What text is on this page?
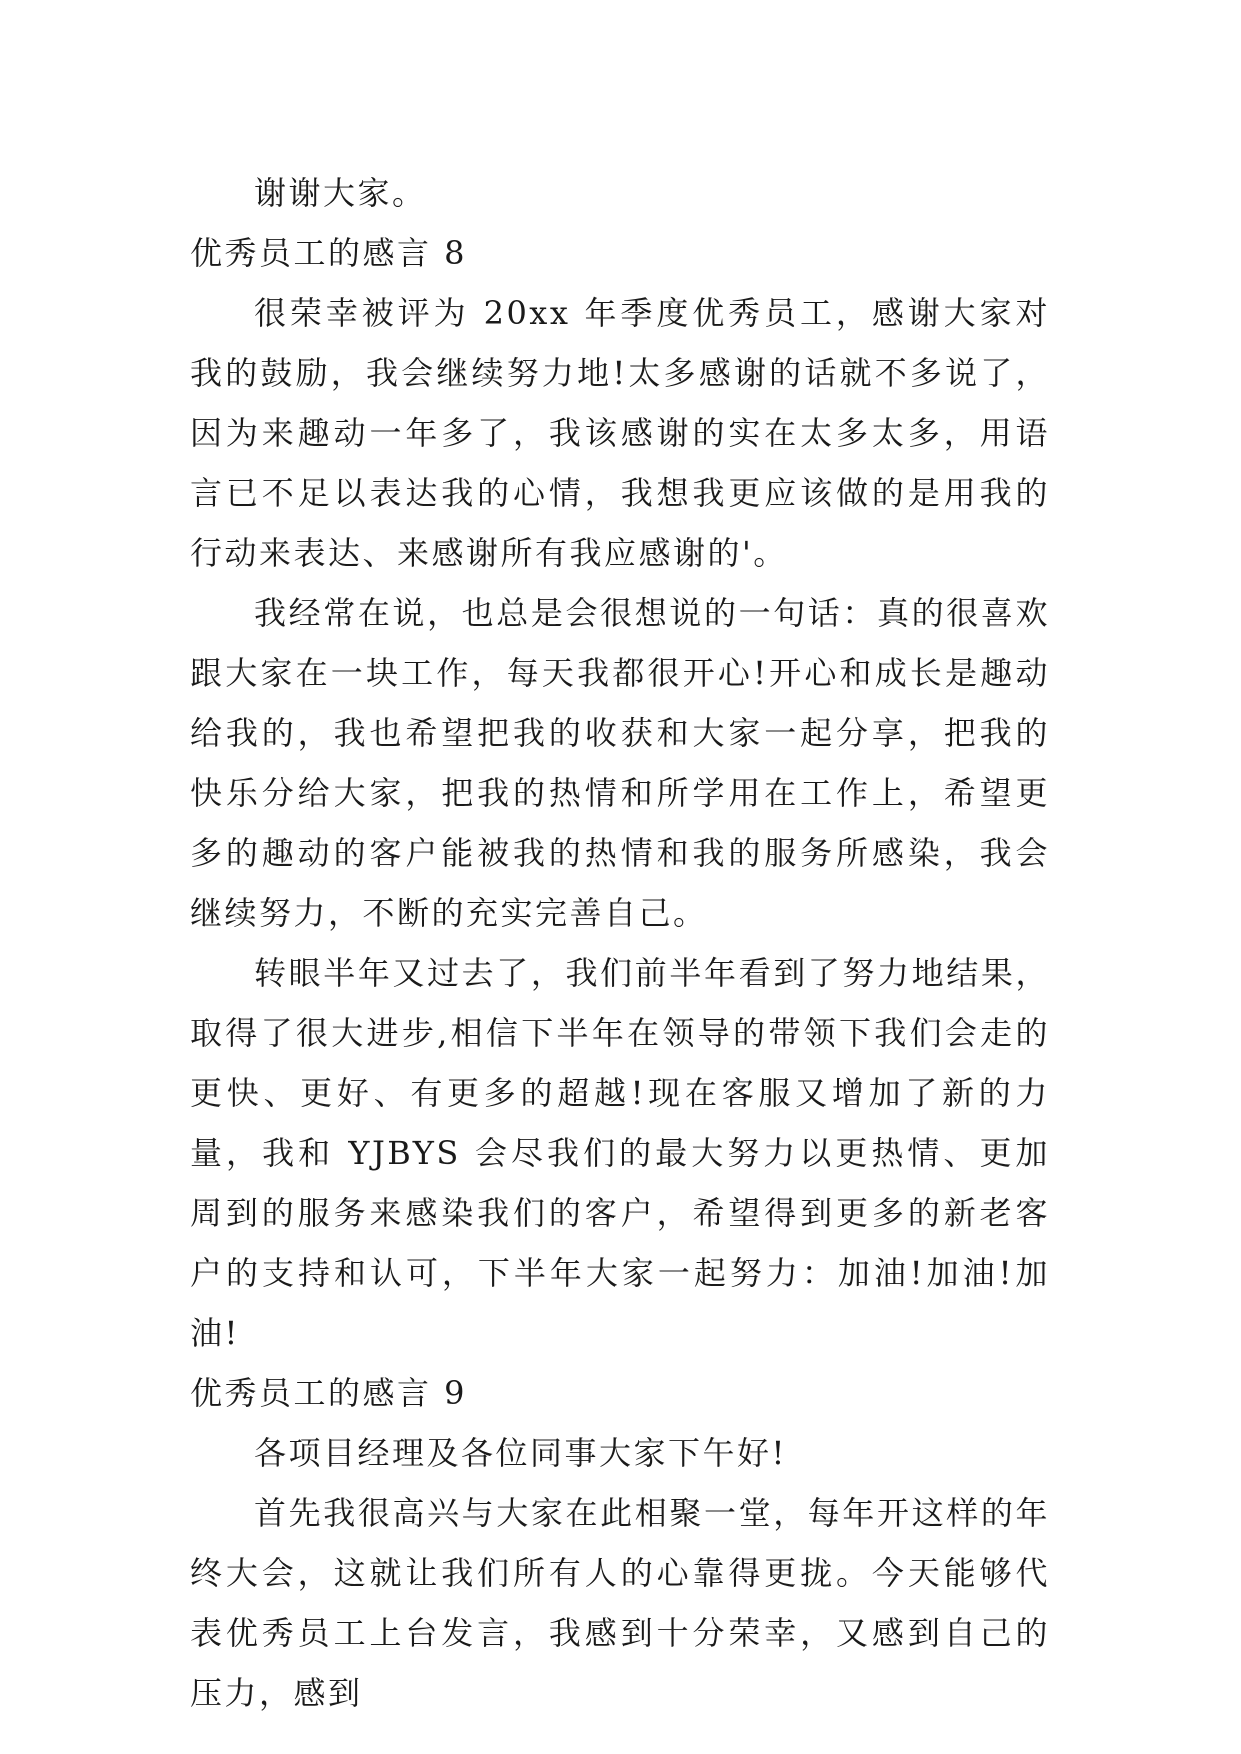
谢谢大家。

优秀员工的感言 8

很荣幸被评为 20xx 年季度优秀员工，感谢大家对我的鼓励，我会继续努力地!太多感谢的话就不多说了，因为来趣动一年多了，我该感谢的实在太多太多，用语言已不足以表达我的心情，我想我更应该做的是用我的行动来表达、来感谢所有我应感谢的'。

我经常在说，也总是会很想说的一句话：真的很喜欢跟大家在一块工作，每天我都很开心!开心和成长是趣动给我的，我也希望把我的收获和大家一起分享，把我的快乐分给大家，把我的热情和所学用在工作上，希望更多的趣动的客户能被我的热情和我的服务所感染，我会继续努力，不断的充实完善自己。

转眼半年又过去了，我们前半年看到了努力地结果，取得了很大进步,相信下半年在领导的带领下我们会走的更快、更好、有更多的超越!现在客服又增加了新的力量，我和 YJBYS 会尽我们的最大努力以更热情、更加周到的服务来感染我们的客户，希望得到更多的新老客户的支持和认可，下半年大家一起努力：加油!加油!加油!

优秀员工的感言 9

各项目经理及各位同事大家下午好!

首先我很高兴与大家在此相聚一堂，每年开这样的年终大会，这就让我们所有人的心靠得更拢。今天能够代表优秀员工上台发言，我感到十分荣幸，又感到自己的压力，感到
